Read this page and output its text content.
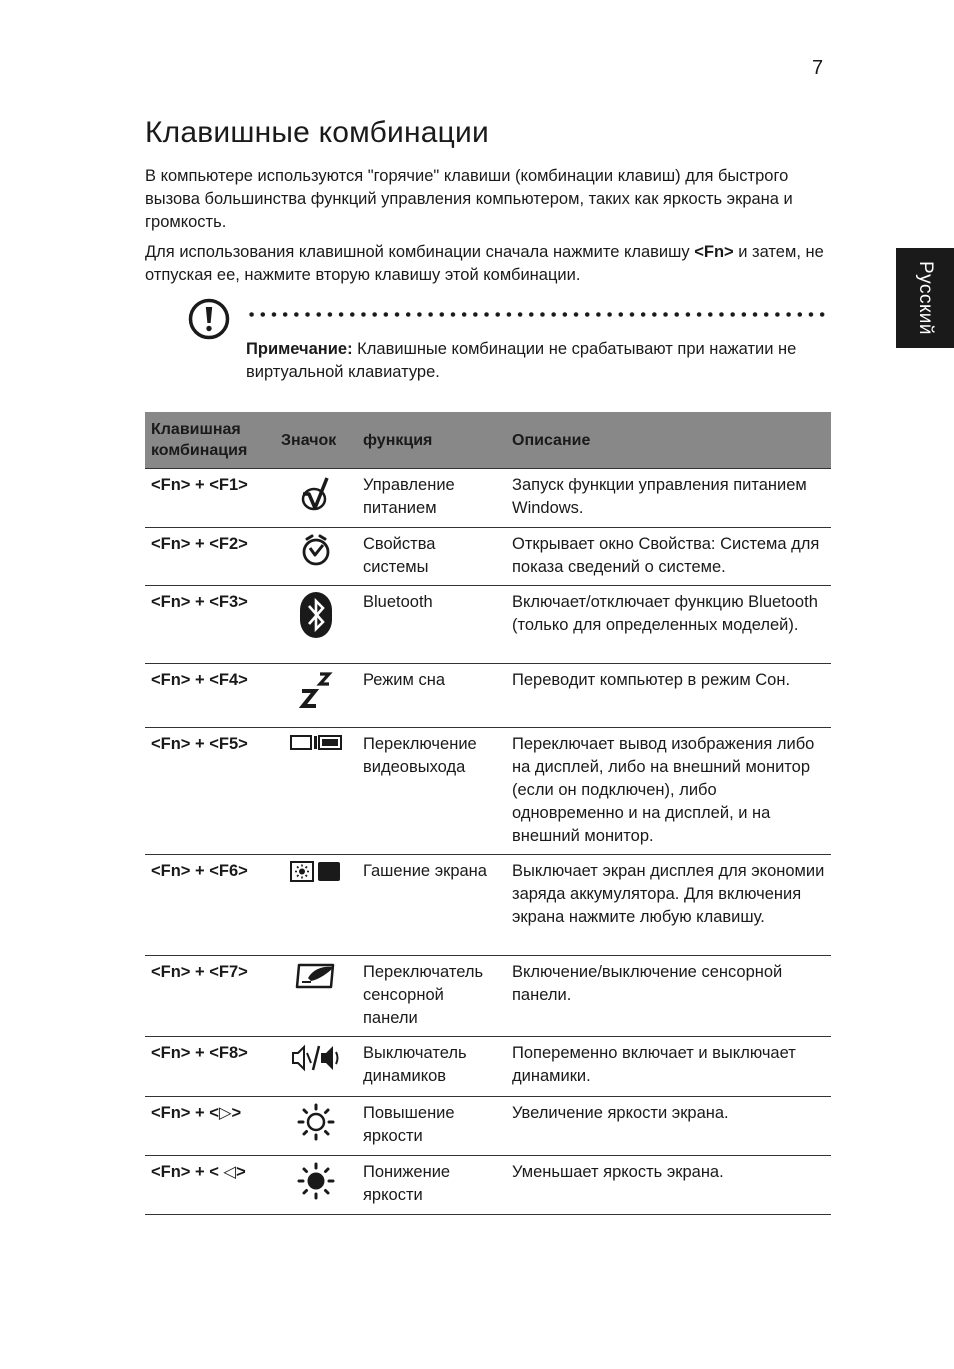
7
Русский
Клавишные комбинации

В компьютере используются "горячие" клавиши (комбинации клавиш) для быстрого вызова большинства функций управления компьютером, таких как яркость экрана и громкость.

Для использования клавишной комбинации сначала нажмите клавишу <Fn> и затем, не отпуская ее, нажмите вторую клавишу этой комбинации.

Примечание: Клавишные комбинации не срабатывают при нажатии не виртуальной клавиатуре.

Клавишная комбинация	Значок	функция	Описание
<Fn> + <F1>		Управление питанием	Запуск функции управления питанием Windows.
<Fn> + <F2>		Свойства системы	Открывает окно Свойства: Система для показа сведений о системе.
<Fn> + <F3>		Bluetooth	Включает/отключает функцию Bluetooth (только для определенных моделей).
<Fn> + <F4>		Режим сна	Переводит компьютер в режим Сон.
<Fn> + <F5>		Переключение видеовыхода	Переключает вывод изображения либо на дисплей, либо на внешний монитор (если он подключен), либо одновременно и на дисплей, и на внешний монитор.
<Fn> + <F6>		Гашение экрана	Выключает экран дисплея для экономии заряда аккумулятора. Для включения экрана нажмите любую клавишу.
<Fn> + <F7>		Переключатель сенсорной панели	Включение/выключение сенсорной панели.
<Fn> + <F8>		Выключатель динамиков	Попеременно включает и выключает динамики.
<Fn> + <▷>		Повышение яркости	Увеличение яркости экрана.
<Fn> + < ◁>		Понижение яркости	Уменьшает яркость экрана.
